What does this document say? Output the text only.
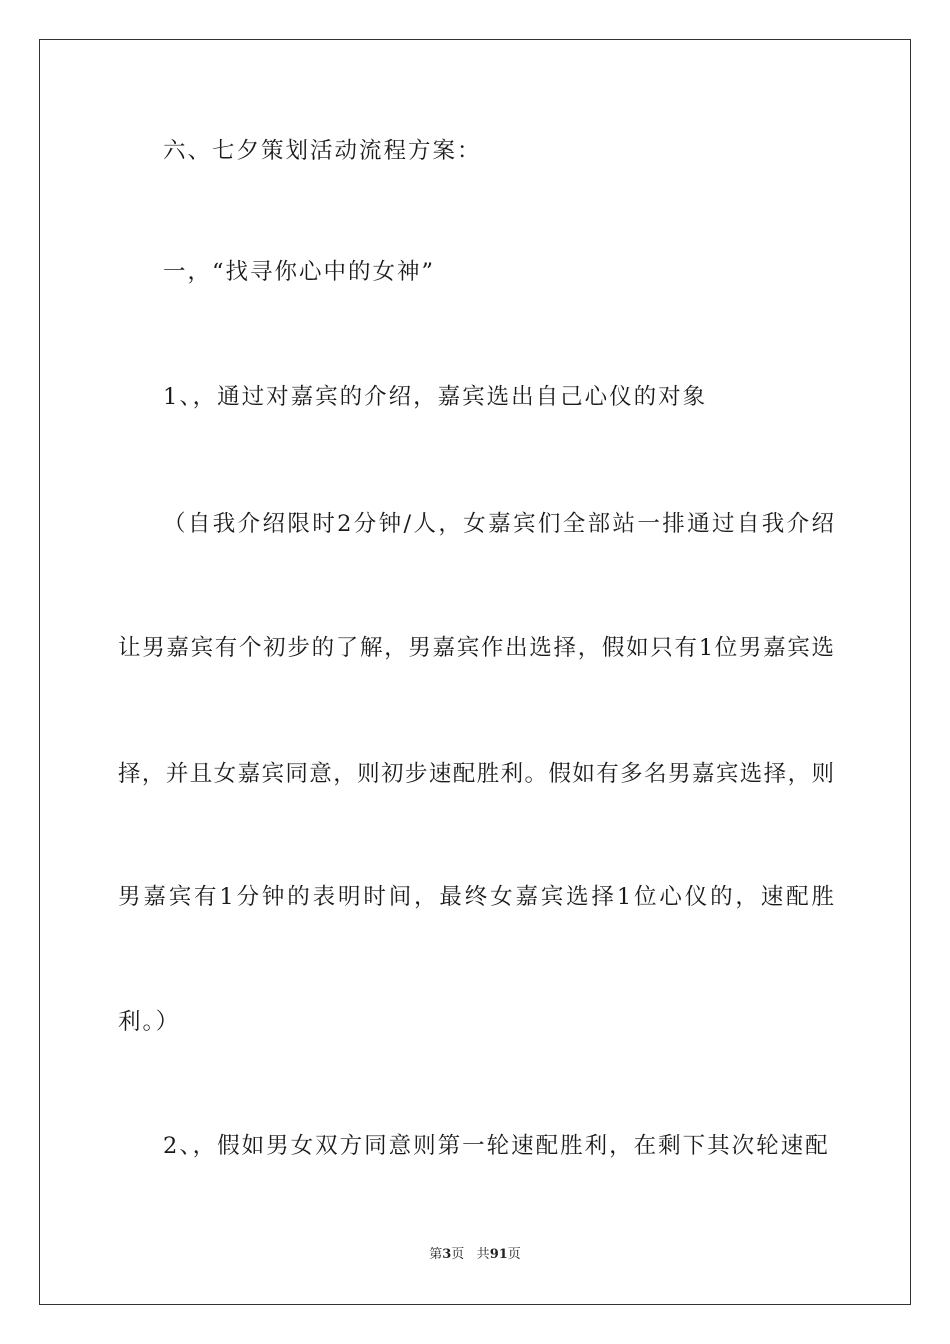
六、七夕策划活动流程方案：
一，“找寻你心中的女神”
1、，通过对嘉宾的介绍，嘉宾选出自己心仪的对象
（自我介绍限时2分钟/人，女嘉宾们全部站一排通过自我介绍
让男嘉宾有个初步的了解，男嘉宾作出选择，假如只有1位男嘉宾选
择，并且女嘉宾同意，则初步速配胜利。假如有多名男嘉宾选择，则
男嘉宾有1分钟的表明时间，最终女嘉宾选择1位心仪的，速配胜
利。）
2、，假如男女双方同意则第一轮速配胜利，在剩下其次轮速配
第3页 共91页
